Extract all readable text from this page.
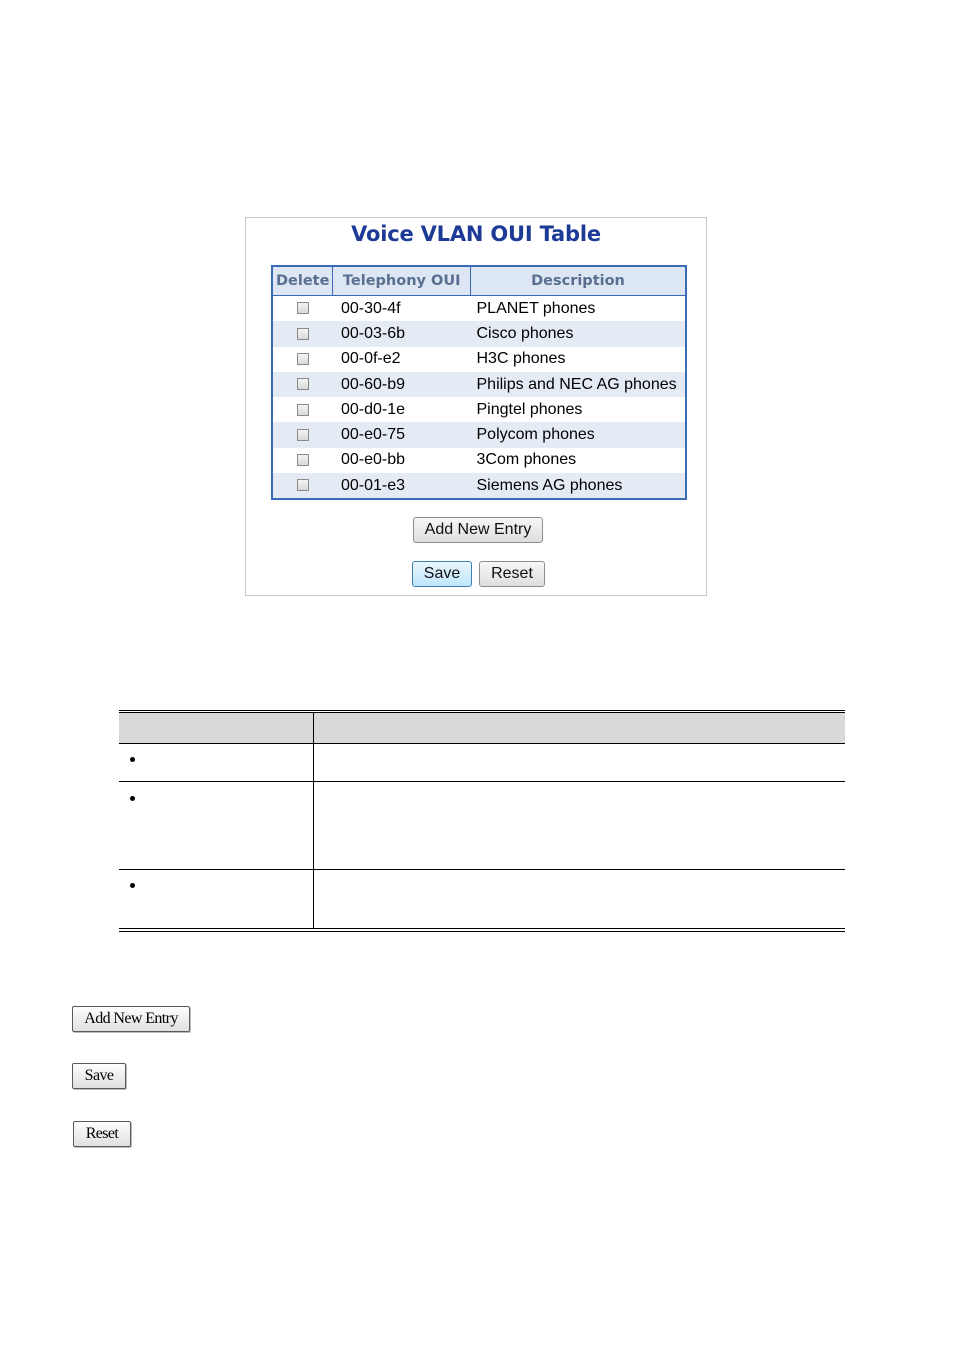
Voice VLAN OUI Table
Delete	Telephony OUI	Description
	00-30-4f	PLANET phones
	00-03-6b	Cisco phones
	00-0f-e2	H3C phones
	00-60-b9	Philips and NEC AG phones
	00-d0-1e	Pingtel phones
	00-e0-75	Polycom phones
	00-e0-bb	3Com phones
	00-01-e3	Siemens AG phones
Add New Entry
Save	Reset
Add New Entry
Save
Reset
